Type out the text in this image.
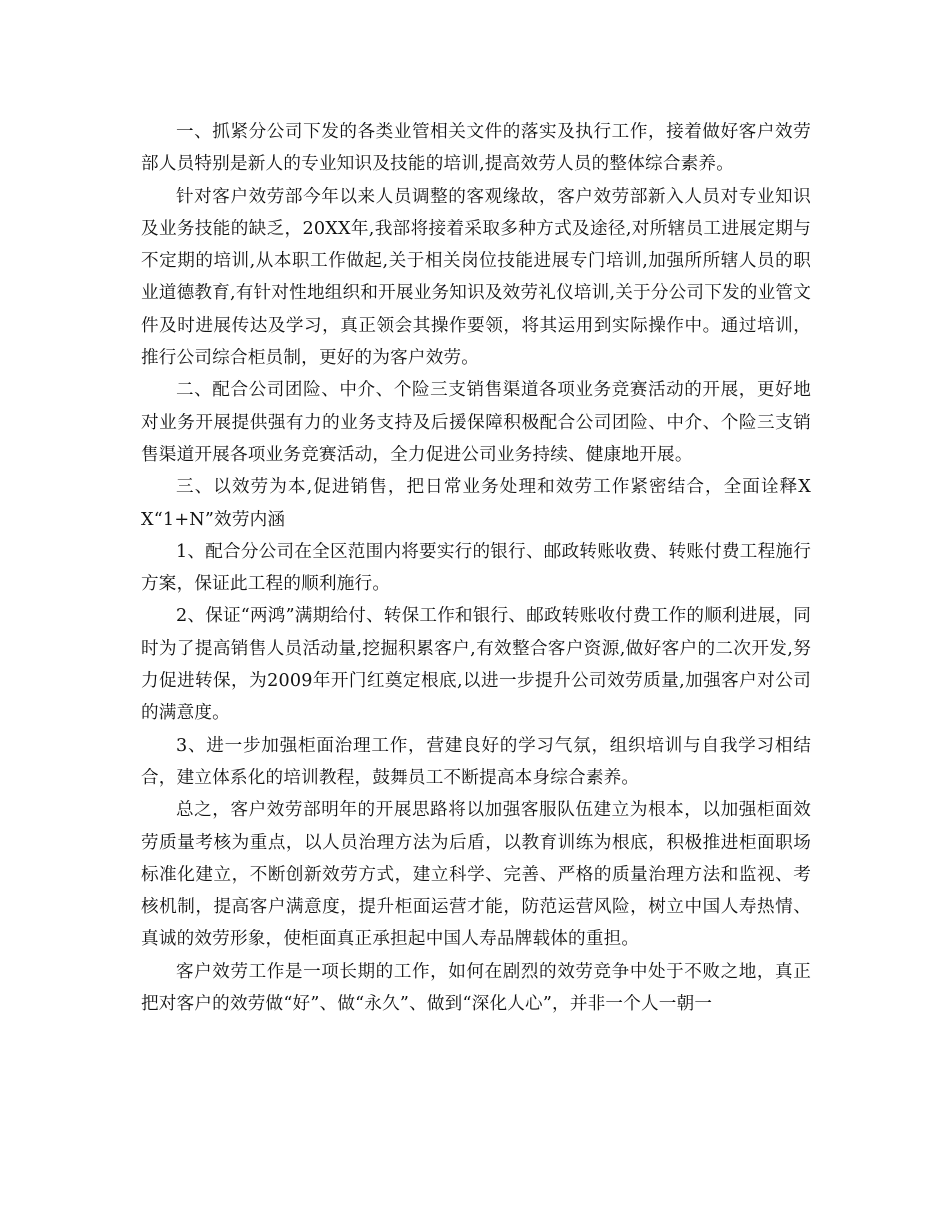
一、抓紧分公司下发的各类业管相关文件的落实及执行工作，接着做好客户效劳部人员特别是新人的专业知识及技能的培训,提高效劳人员的整体综合素养。

针对客户效劳部今年以来人员调整的客观缘故，客户效劳部新入人员对专业知识及业务技能的缺乏，20XX年,我部将接着采取多种方式及途径,对所辖员工进展定期与不定期的培训,从本职工作做起,关于相关岗位技能进展专门培训,加强所所辖人员的职业道德教育,有针对性地组织和开展业务知识及效劳礼仪培训,关于分公司下发的业管文件及时进展传达及学习，真正领会其操作要领，将其运用到实际操作中。通过培训，推行公司综合柜员制，更好的为客户效劳。

二、配合公司团险、中介、个险三支销售渠道各项业务竞赛活动的开展，更好地对业务开展提供强有力的业务支持及后援保障积极配合公司团险、中介、个险三支销售渠道开展各项业务竞赛活动，全力促进公司业务持续、健康地开展。

三、以效劳为本,促进销售，把日常业务处理和效劳工作紧密结合，全面诠释XX“1+N”效劳内涵

1、配合分公司在全区范围内将要实行的银行、邮政转账收费、转账付费工程施行方案，保证此工程的顺利施行。

2、保证“两鸿”满期给付、转保工作和银行、邮政转账收付费工作的顺利进展，同时为了提高销售人员活动量,挖掘积累客户,有效整合客户资源,做好客户的二次开发,努力促进转保，为2009年开门红奠定根底,以进一步提升公司效劳质量,加强客户对公司的满意度。

3、进一步加强柜面治理工作，营建良好的学习气氛，组织培训与自我学习相结合，建立体系化的培训教程，鼓舞员工不断提高本身综合素养。

总之，客户效劳部明年的开展思路将以加强客服队伍建立为根本，以加强柜面效劳质量考核为重点，以人员治理方法为后盾，以教育训练为根底，积极推进柜面职场标准化建立，不断创新效劳方式，建立科学、完善、严格的质量治理方法和监视、考核机制，提高客户满意度，提升柜面运营才能，防范运营风险，树立中国人寿热情、真诚的效劳形象，使柜面真正承担起中国人寿品牌载体的重担。

客户效劳工作是一项长期的工作，如何在剧烈的效劳竞争中处于不败之地，真正把对客户的效劳做“好”、做“永久”、做到“深化人心”，并非一个人一朝一
